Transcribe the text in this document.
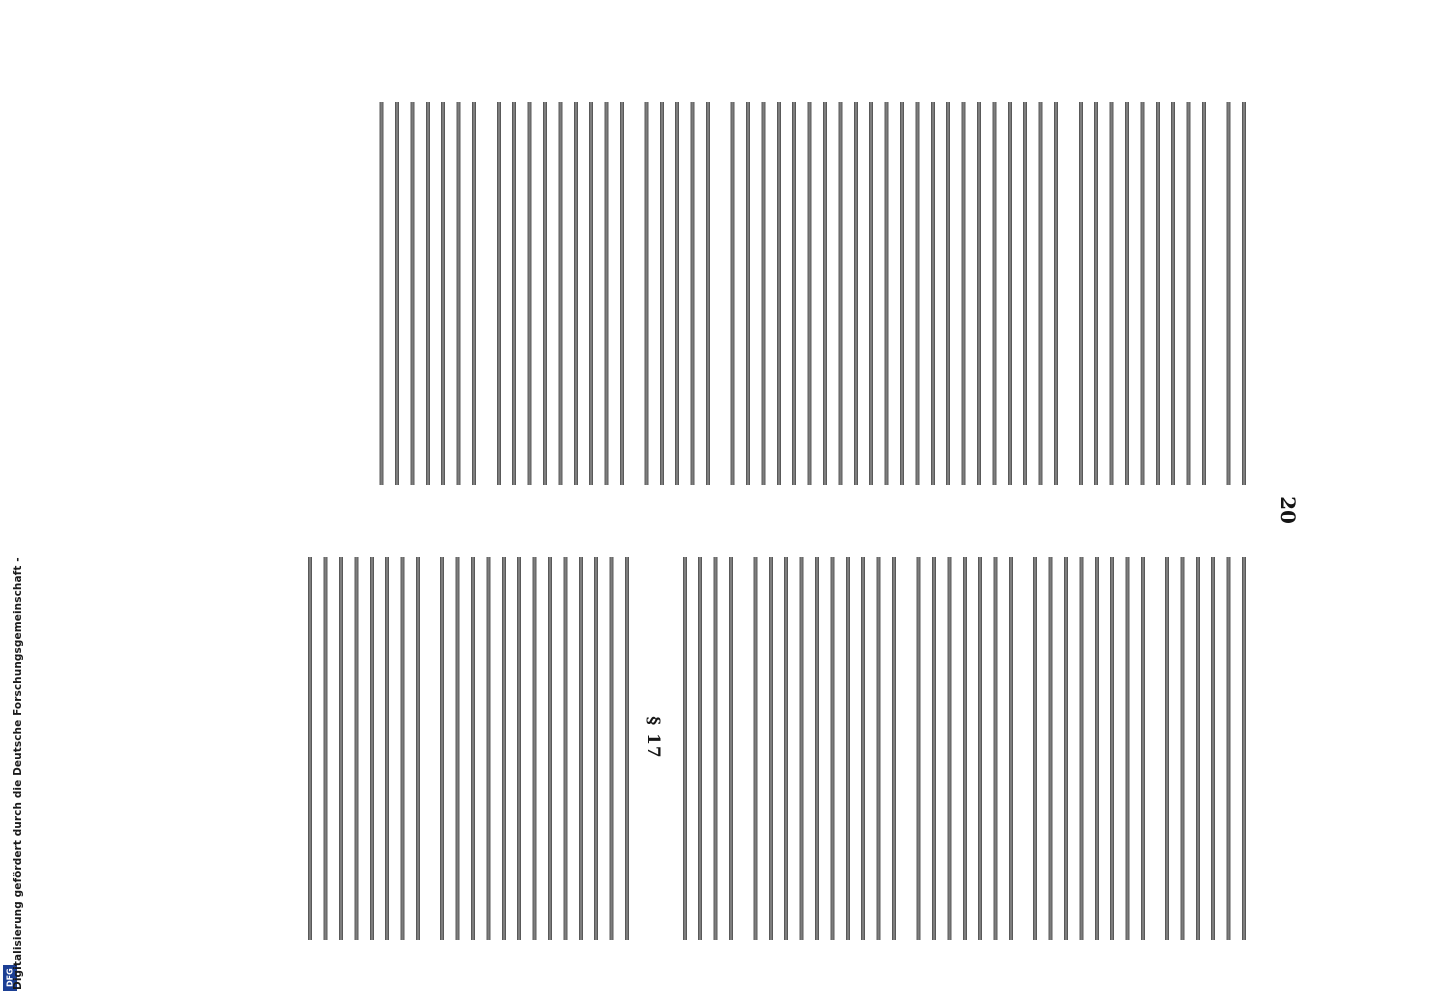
DFG
Digitalisierung gefördert durch die Deutsche Forschungsgemeinschaft -
20
§ 17
